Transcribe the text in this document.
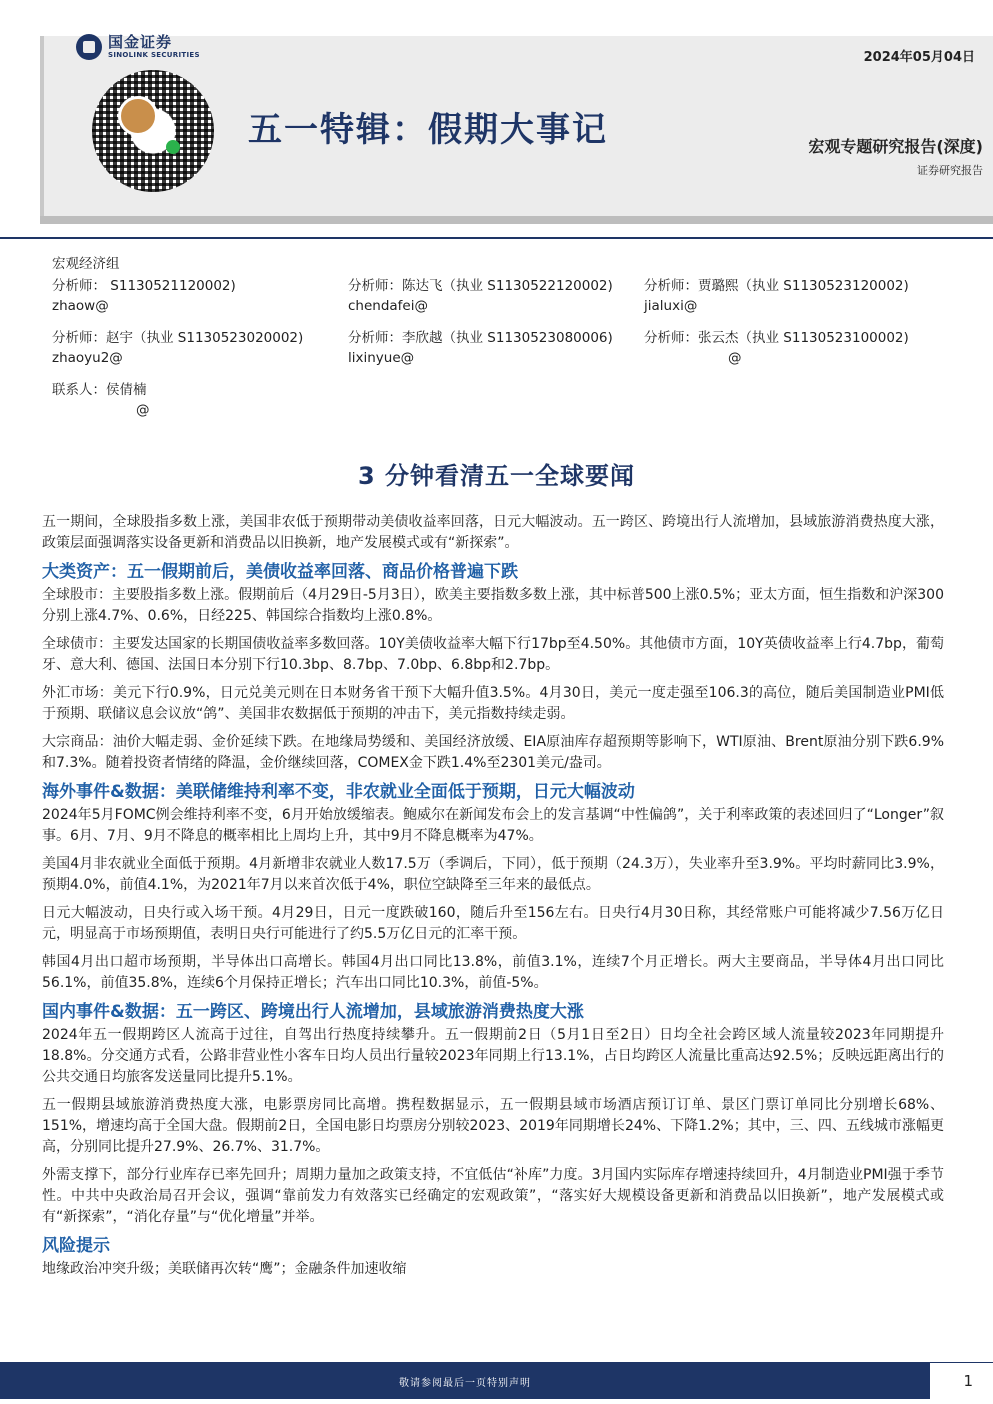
国金证券
SINOLINK SECURITIES	2024年05月04日
五一特辑：假期大事记	宏观专题研究报告(深度)
证券研究报告
宏观经济组
分析师： S1130521120002)
zhaow@
分析师：陈达飞（执业 S1130522120002)
chendafei@
分析师：贾璐熙（执业 S1130523120002)
jialuxi@
分析师：赵宇（执业 S1130523020002)
zhaoyu2@
分析师：李欣越（执业 S1130523080006)
lixinyue@
分析师：张云杰（执业 S1130523100002)
@
联系人：侯倩楠
@
3 分钟看清五一全球要闻

五一期间，全球股指多数上涨，美国非农低于预期带动美债收益率回落，日元大幅波动。五一跨区、跨境出行人流增加，县域旅游消费热度大涨，政策层面强调落实设备更新和消费品以旧换新，地产发展模式或有“新探索”。

大类资产：五一假期前后，美债收益率回落、商品价格普遍下跌

全球股市：主要股指多数上涨。假期前后（4月29日-5月3日），欧美主要指数多数上涨，其中标普500上涨0.5%；亚太方面，恒生指数和沪深300分别上涨4.7%、0.6%，日经225、韩国综合指数均上涨0.8%。

全球债市：主要发达国家的长期国债收益率多数回落。10Y美债收益率大幅下行17bp至4.50%。其他债市方面，10Y英债收益率上行4.7bp，葡萄牙、意大利、德国、法国日本分别下行10.3bp、8.7bp、7.0bp、6.8bp和2.7bp。

外汇市场：美元下行0.9%，日元兑美元则在日本财务省干预下大幅升值3.5%。4月30日，美元一度走强至106.3的高位，随后美国制造业PMI低于预期、联储议息会议放“鸽”、美国非农数据低于预期的冲击下，美元指数持续走弱。

大宗商品：油价大幅走弱、金价延续下跌。在地缘局势缓和、美国经济放缓、EIA原油库存超预期等影响下，WTI原油、Brent原油分别下跌6.9%和7.3%。随着投资者情绪的降温，金价继续回落，COMEX金下跌1.4%至2301美元/盎司。

海外事件&数据：美联储维持利率不变，非农就业全面低于预期，日元大幅波动

2024年5月FOMC例会维持利率不变，6月开始放缓缩表。鲍威尔在新闻发布会上的发言基调“中性偏鸽”，关于利率政策的表述回归了“Longer”叙事。6月、7月、9月不降息的概率相比上周均上升，其中9月不降息概率为47%。

美国4月非农就业全面低于预期。4月新增非农就业人数17.5万（季调后，下同），低于预期（24.3万），失业率升至3.9%。平均时薪同比3.9%，预期4.0%，前值4.1%，为2021年7月以来首次低于4%，职位空缺降至三年来的最低点。

日元大幅波动，日央行或入场干预。4月29日，日元一度跌破160，随后升至156左右。日央行4月30日称，其经常账户可能将减少7.56万亿日元，明显高于市场预期值，表明日央行可能进行了约5.5万亿日元的汇率干预。

韩国4月出口超市场预期，半导体出口高增长。韩国4月出口同比13.8%，前值3.1%，连续7个月正增长。两大主要商品，半导体4月出口同比56.1%，前值35.8%，连续6个月保持正增长；汽车出口同比10.3%，前值-5%。

国内事件&数据：五一跨区、跨境出行人流增加，县域旅游消费热度大涨

2024年五一假期跨区人流高于过往，自驾出行热度持续攀升。五一假期前2日（5月1日至2日）日均全社会跨区域人流量较2023年同期提升18.8%。分交通方式看，公路非营业性小客车日均人员出行量较2023年同期上行13.1%，占日均跨区人流量比重高达92.5%；反映远距离出行的公共交通日均旅客发送量同比提升5.1%。

五一假期县域旅游消费热度大涨，电影票房同比高增。携程数据显示，五一假期县域市场酒店预订订单、景区门票订单同比分别增长68%、151%，增速均高于全国大盘。假期前2日，全国电影日均票房分别较2023、2019年同期增长24%、下降1.2%；其中，三、四、五线城市涨幅更高，分别同比提升27.9%、26.7%、31.7%。

外需支撑下，部分行业库存已率先回升；周期力量加之政策支持，不宜低估“补库”力度。3月国内实际库存增速持续回升，4月制造业PMI强于季节性。中共中央政治局召开会议，强调“靠前发力有效落实已经确定的宏观政策”，“落实好大规模设备更新和消费品以旧换新”，地产发展模式或有“新探索”，“消化存量”与“优化增量”并举。

风险提示

地缘政治冲突升级；美联储再次转“鹰”；金融条件加速收缩

敬请参阅最后一页特别声明	1
